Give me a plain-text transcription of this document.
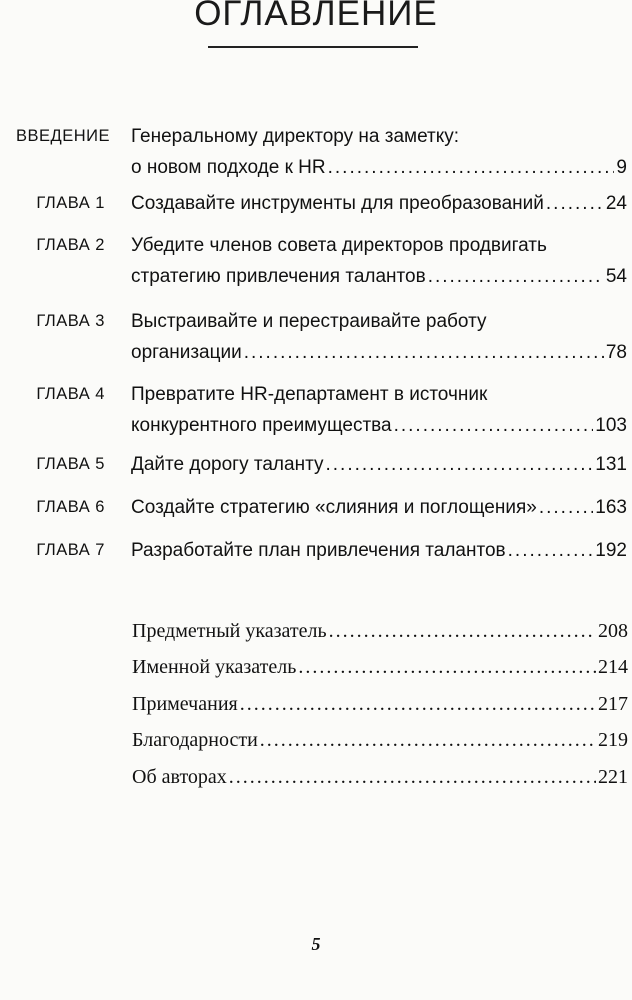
ОГЛАВЛЕНИЕ
ВВЕДЕНИЕ Генеральному директору на заметку:
о новом подходе к HR .....	9
ГЛАВА 1 Создавайте инструменты для преобразований .....	24
ГЛАВА 2 Убедите членов совета директоров продвигать
стратегию привлечения талантов .....	54
ГЛАВА 3 Выстраивайте и перестраивайте работу
организации .....	78
ГЛАВА 4 Превратите HR-департамент в источник
конкурентного преимущества .....	103
ГЛАВА 5 Дайте дорогу таланту .....	131
ГЛАВА 6 Создайте стратегию «слияния и поглощения» .....	163
ГЛАВА 7 Разработайте план привлечения талантов .....	192
Предметный указатель .....	208
Именной указатель .....	214
Примечания .....	217
Благодарности .....	219
Об авторах .....	221
5
